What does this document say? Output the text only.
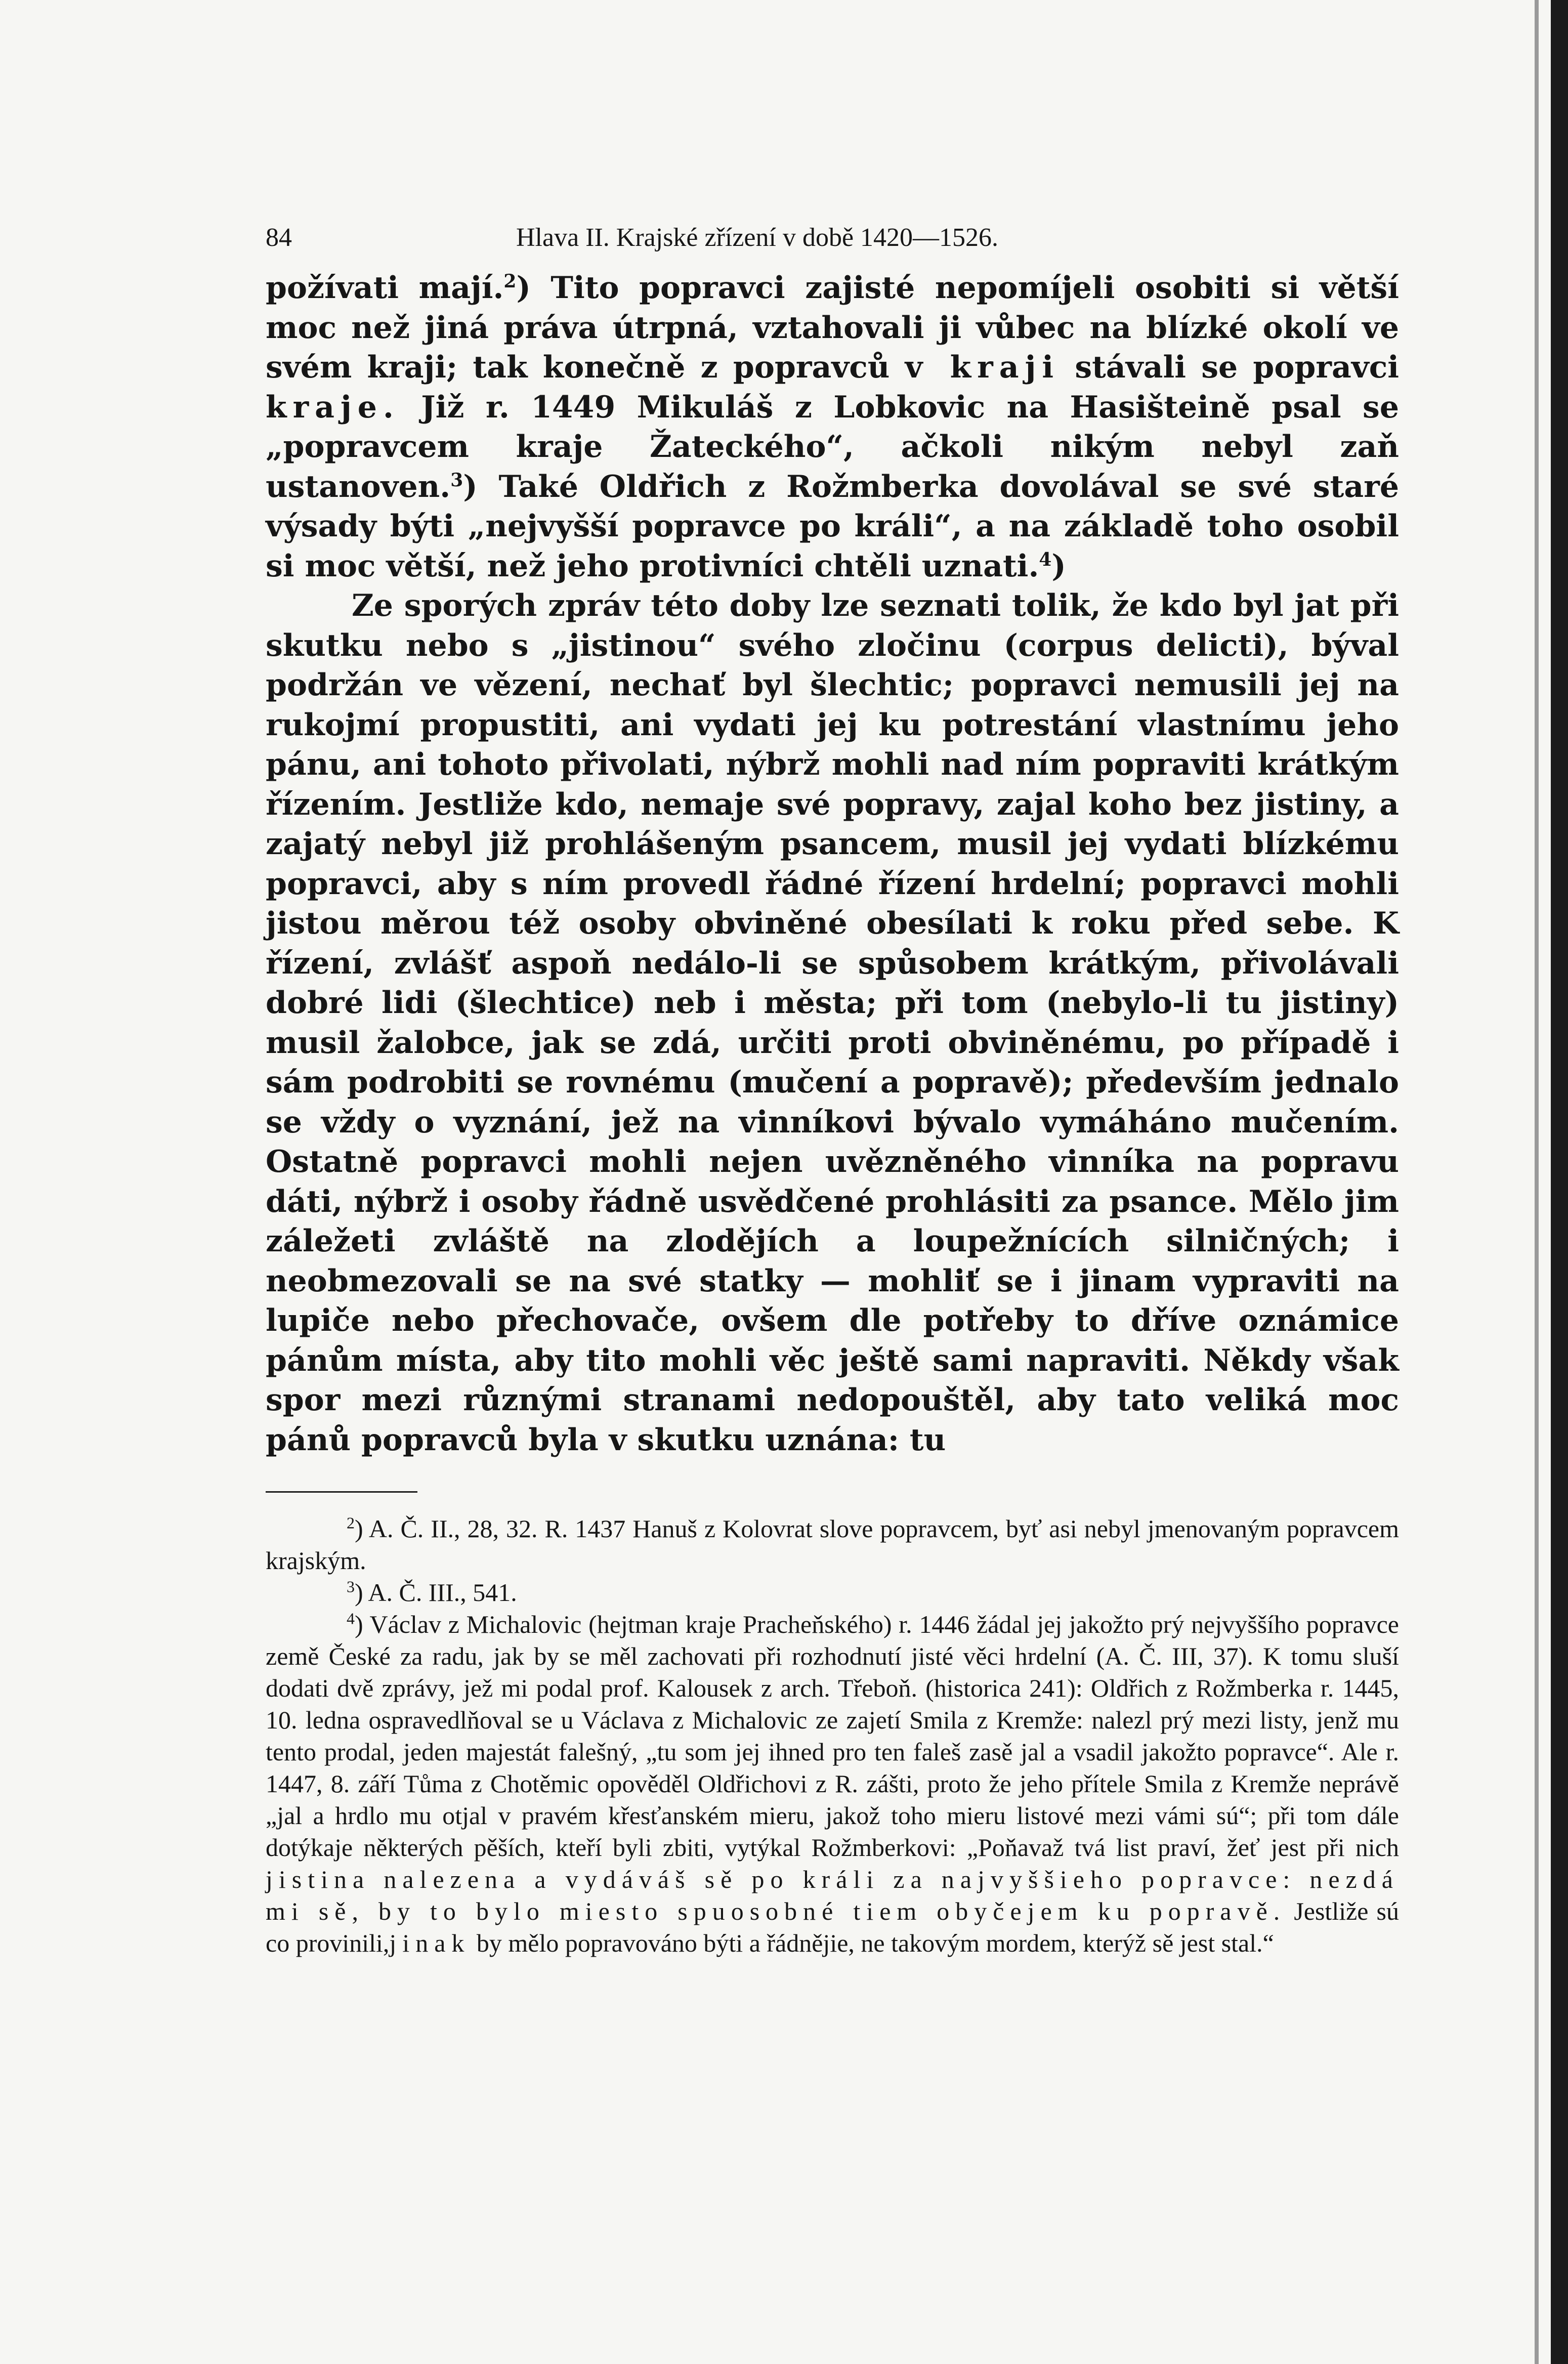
84	Hlava II. Krajské zřízení v době 1420—1526.

požívati mají.$^2$) Tito popravci zajisté nepomíjeli osobiti si větší moc než jiná práva útrpná, vztahovali ji vůbec na blízké okolí ve svém kraji; tak konečně z popravců v kraji stávali se popravci kraje. Již r. 1449 Mikuláš z Lobkovic na Hasišteině psal se „popravcem kraje Žateckého“, ačkoli nikým nebyl zaň ustanoven.$^3$) Také Oldřich z Rožmberka dovolával se své staré výsady býti „nejvyšší popravce po králi“, a na základě toho osobil si moc větší, než jeho protivníci chtěli uznati.$^4$)

Ze sporých zpráv této doby lze seznati tolik, že kdo byl jat při skutku nebo s „jistinou“ svého zločinu (corpus delicti), býval podržán ve vězení, nechať byl šlechtic; popravci nemusili jej na rukojmí propustiti, ani vydati jej ku potrestání vlastnímu jeho pánu, ani tohoto přivolati, nýbrž mohli nad ním popraviti krátkým řízením. Jestliže kdo, nemaje své popravy, zajal koho bez jistiny, a zajatý nebyl již prohlášeným psancem, musil jej vydati blízkému popravci, aby s ním provedl řádné řízení hrdelní; popravci mohli jistou měrou též osoby obviněné obesílati k roku před sebe. K řízení, zvlášť aspoň nedálo-li se spůsobem krátkým, přivolávali dobré lidi (šlechtice) neb i města; při tom (nebylo-li tu jistiny) musil žalobce, jak se zdá, určiti proti obviněnému, po případě i sám podrobiti se rovnému (mučení a popravě); především jednalo se vždy o vyznání, jež na vinníkovi bývalo vymáháno mučením. Ostatně popravci mohli nejen uvězněného vinníka na popravu dáti, nýbrž i osoby řádně usvědčené prohlásiti za psance. Mělo jim záležeti zvláště na zlodějích a loupežnících silničných; i neobmezovali se na své statky — mohliť se i jinam vypraviti na lupiče nebo přechovače, ovšem dle potřeby to dříve oznámice pánům místa, aby tito mohli věc ještě sami napraviti. Někdy však spor mezi různými stranami nedopouštěl, aby tato veliká moc pánů popravců byla v skutku uznána: tu

$^2$) A. Č. II., 28, 32. R. 1437 Hanuš z Kolovrat slove popravcem, byť asi nebyl jmenovaným popravcem krajským.

$^3$) A. Č. III., 541.

$^4$) Václav z Michalovic (hejtman kraje Pracheňského) r. 1446 žádal jej jakožto prý nejvyššího popravce země České za radu, jak by se měl zachovati při rozhodnutí jisté věci hrdelní (A. Č. III, 37). K tomu sluší dodati dvě zprávy, jež mi podal prof. Kalousek z arch. Třeboň. (historica 241): Oldřich z Rožmberka r. 1445, 10. ledna ospravedlňoval se u Václava z Michalovic ze zajetí Smila z Kremže: nalezl prý mezi listy, jenž mu tento prodal, jeden majestát falešný, „tu som jej ihned pro ten faleš zasě jal a vsadil jakožto popravce“. Ale r. 1447, 8. září Tůma z Chotěmic opověděl Oldřichovi z R. zášti, proto že jeho přítele Smila z Kremže neprávě „jal a hrdlo mu otjal v pravém křesťanském mieru, jakož toho mieru listové mezi vámi sú“; při tom dále dotýkaje některých pěších, kteří byli zbiti, vytýkal Rožmberkovi: „Poňavaž tvá list praví, žeť jest při nich jistina nalezena a vydáváš sě po králi za najvyššieho popravce: nezdá mi sě, by to bylo miesto spuosobné tiem obyčejem ku popravě. Jestliže sú co provinili,jinak by mělo popravováno býti a řádnějie, ne takovým mordem, kterýž sě jest stal.“
